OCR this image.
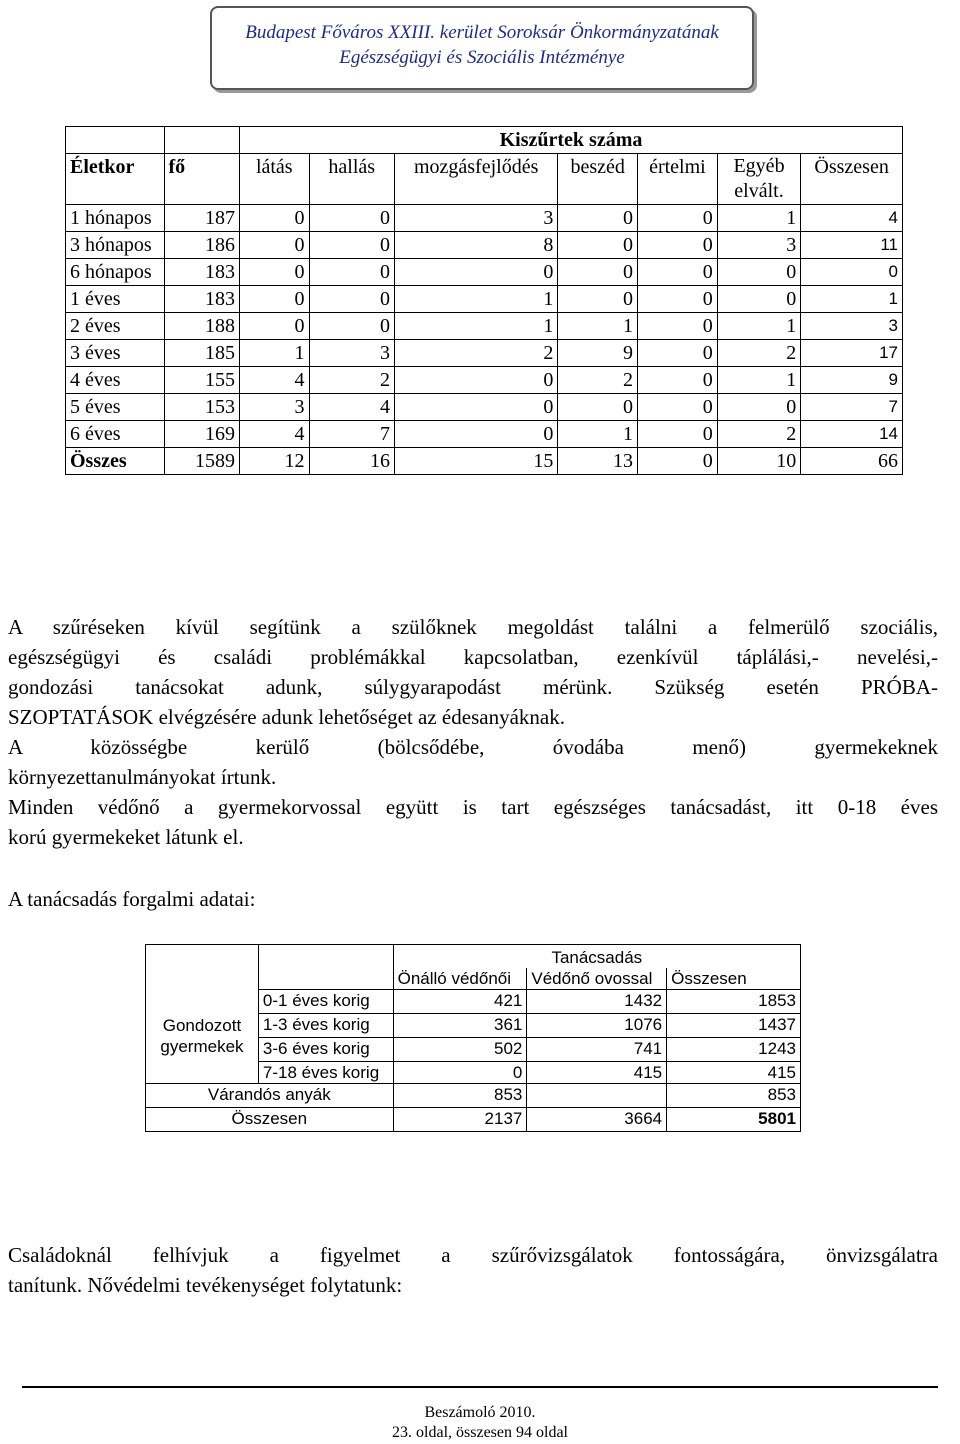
Budapest Főváros XXIII. kerület Soroksár Önkormányzatának
Egészségügyi és Szociális Intézménye
		Kiszűrtek száma						
Életkor	fő	látás	hallás	mozgásfejlődés	beszéd	értelmi	Egyéb elvált.	Összesen
1 hónapos	187	0	0	3	0	0	1	4
3 hónapos	186	0	0	8	0	0	3	11
6 hónapos	183	0	0	0	0	0	0	0
1 éves	183	0	0	1	0	0	0	1
2 éves	188	0	0	1	1	0	1	3
3 éves	185	1	3	2	9	0	2	17
4 éves	155	4	2	0	2	0	1	9
5 éves	153	3	4	0	0	0	0	7
6 éves	169	4	7	0	1	0	2	14
Összes	1589	12	16	15	13	0	10	66
A szűréseken kívül segítünk a szülőknek megoldást találni a felmerülő szociális,
egészségügyi és családi problémákkal kapcsolatban, ezenkívül táplálási,- nevelési,-
gondozási tanácsokat adunk, súlygyarapodást mérünk. Szükség esetén PRÓBA-
SZOPTATÁSOK elvégzésére adunk lehetőséget az édesanyáknak.
A közösségbe kerülő (bölcsődébe, óvodába menő) gyermekeknek
környezettanulmányokat írtunk.
Minden védőnő a gyermekorvossal együtt is tart egészséges tanácsadást, itt 0-18 éves
korú gyermekeket látunk el.
A tanácsadás forgalmi adatai:
		Tanácsadás		
		Önálló védőnői	Védőnő ovossal	Összesen
Gondozott gyermekek	0-1 éves korig	421	1432	1853
	1-3 éves korig	361	1076	1437
	3-6 éves korig	502	741	1243
	7-18 éves korig	0	415	415
Várandós anyák		853		853
Összesen		2137	3664	5801
Családoknál felhívjuk a figyelmet a szűrővizsgálatok fontosságára, önvizsgálatra
tanítunk. Nővédelmi tevékenységet folytatunk:
Beszámoló 2010.
23. oldal, összesen 94 oldal
